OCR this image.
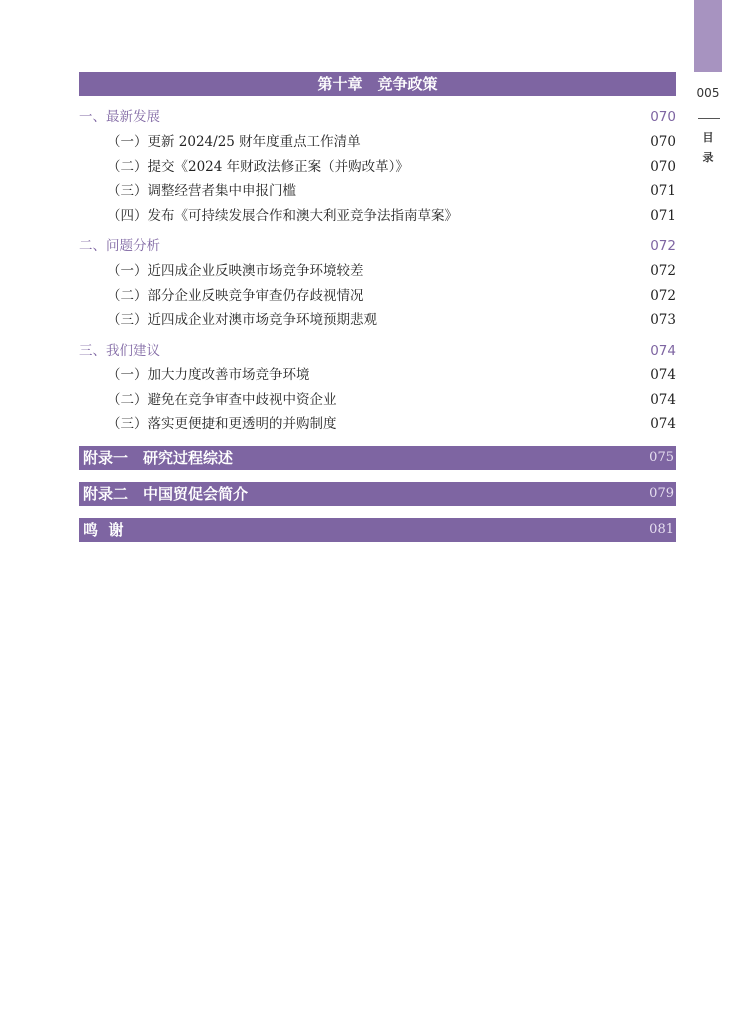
005
目
录
第十章　竞争政策
一、最新发展	070
（一）更新 2024/25 财年度重点工作清单	070
（二）提交《2024 年财政法修正案（并购改革）》	070
（三）调整经营者集中申报门槛	071
（四）发布《可持续发展合作和澳大利亚竞争法指南草案》	071
二、问题分析	072
（一）近四成企业反映澳市场竞争环境较差	072
（二）部分企业反映竞争审查仍存歧视情况	072
（三）近四成企业对澳市场竞争环境预期悲观	073
三、我们建议	074
（一）加大力度改善市场竞争环境	074
（二）避免在竞争审查中歧视中资企业	074
（三）落实更便捷和更透明的并购制度	074
附录一　研究过程综述	075
附录二　中国贸促会简介	079
鸣  谢	081
